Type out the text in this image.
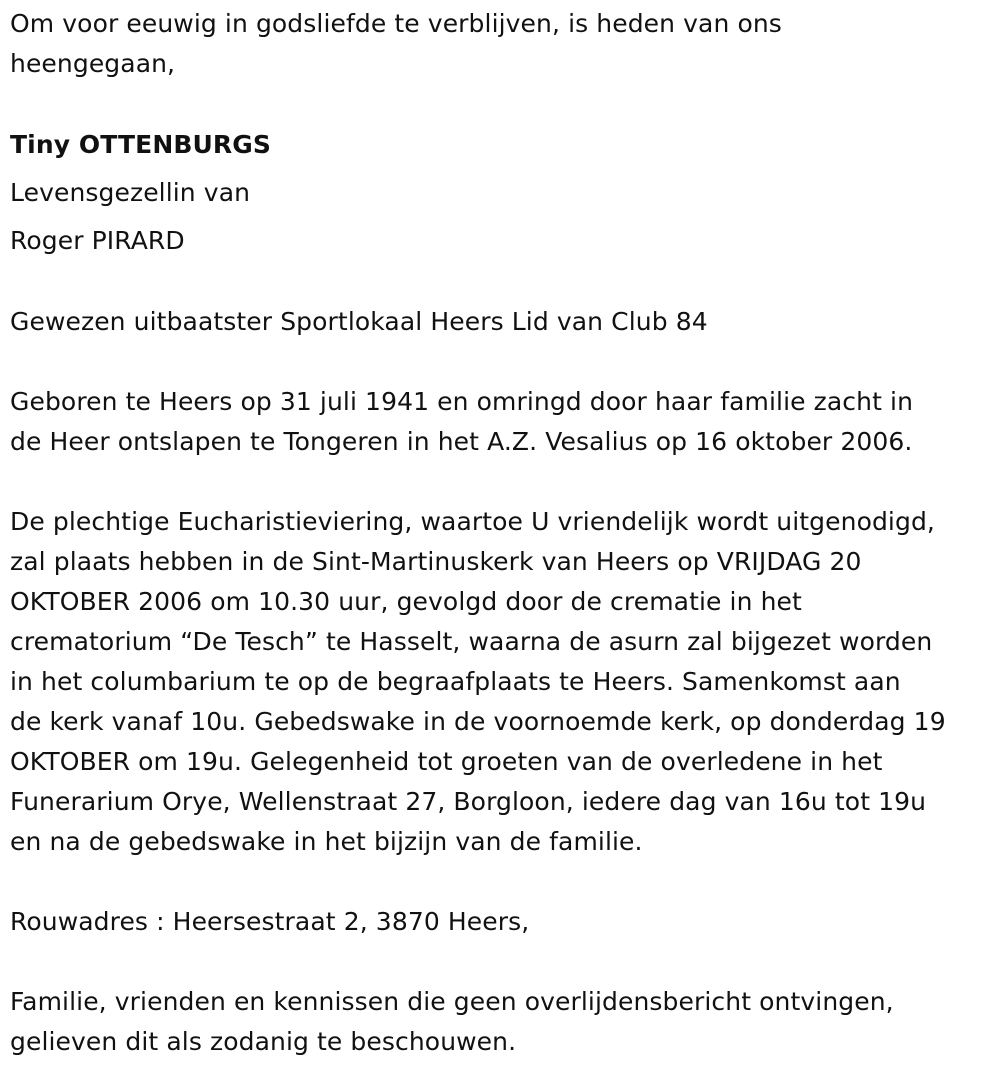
Om voor eeuwig in godsliefde te verblijven, is heden van ons
heengegaan,
Tiny OTTENBURGS
Levensgezellin van
Roger PIRARD
Gewezen uitbaatster Sportlokaal Heers Lid van Club 84
Geboren te Heers op 31 juli 1941 en omringd door haar familie zacht in
de Heer ontslapen te Tongeren in het A.Z. Vesalius op 16 oktober 2006.
De plechtige Eucharistieviering, waartoe U vriendelijk wordt uitgenodigd,
zal plaats hebben in de Sint-Martinuskerk van Heers op VRIJDAG 20
OKTOBER 2006 om 10.30 uur, gevolgd door de crematie in het
crematorium “De Tesch” te Hasselt, waarna de asurn zal bijgezet worden
in het columbarium te op de begraafplaats te Heers. Samenkomst aan
de kerk vanaf 10u. Gebedswake in de voornoemde kerk, op donderdag 19
OKTOBER om 19u. Gelegenheid tot groeten van de overledene in het
Funerarium Orye, Wellenstraat 27, Borgloon, iedere dag van 16u tot 19u
en na de gebedswake in het bijzijn van de familie.
Rouwadres : Heersestraat 2, 3870 Heers,
Familie, vrienden en kennissen die geen overlijdensbericht ontvingen,
gelieven dit als zodanig te beschouwen.
